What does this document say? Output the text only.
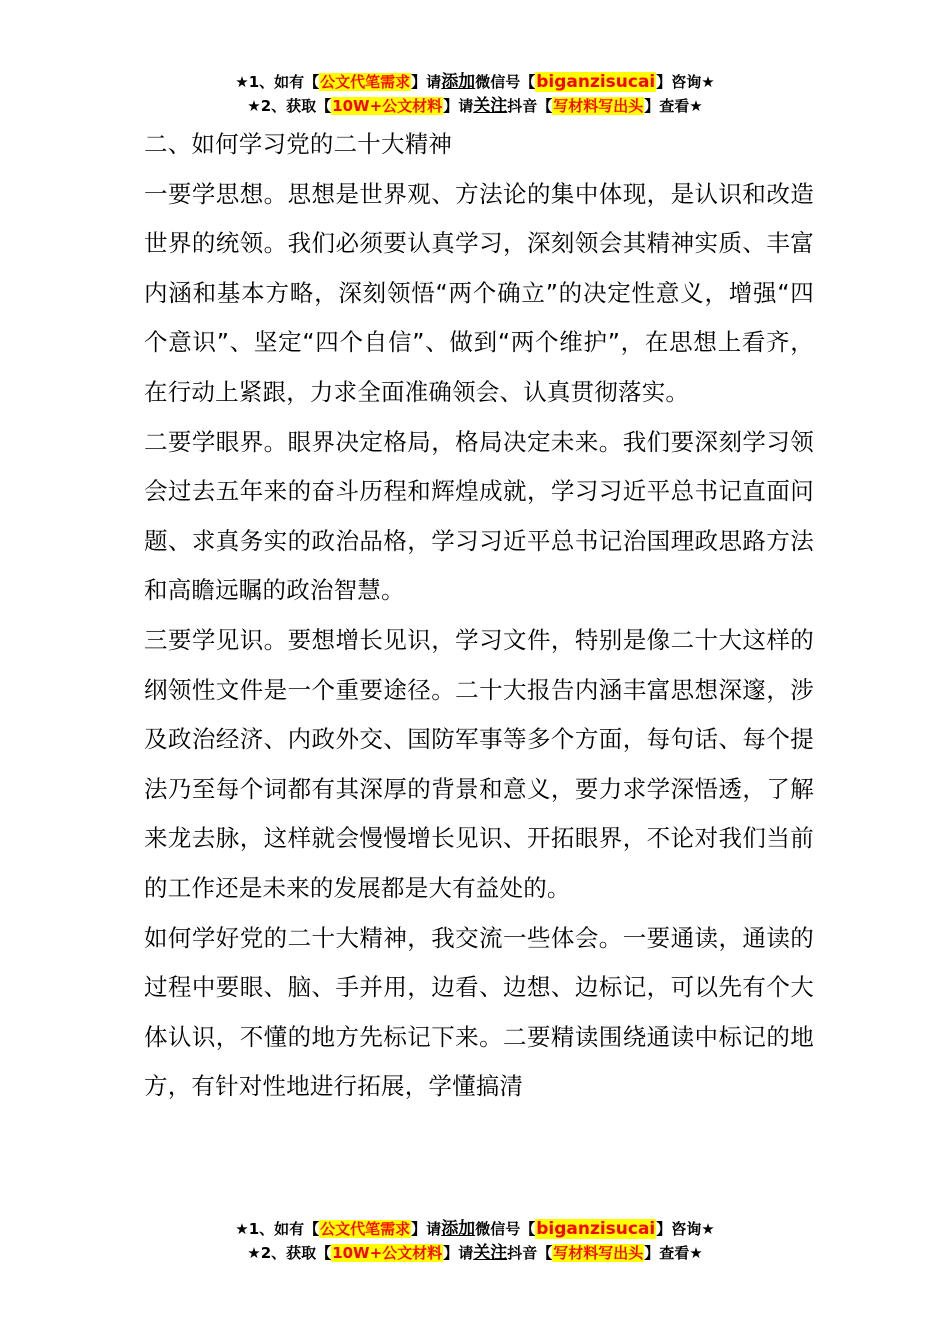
★1、如有【公文代笔需求】请添加微信号【biganzisucai】咨询★
★2、获取【10W+公文材料】请关注抖音【写材料写出头】查看★

二、如何学习党的二十大精神

一要学思想。思想是世界观、方法论的集中体现，是认识和改造世界的统领。我们必须要认真学习，深刻领会其精神实质、丰富内涵和基本方略，深刻领悟“两个确立”的决定性意义，增强“四个意识”、坚定“四个自信”、做到“两个维护”，在思想上看齐，在行动上紧跟，力求全面准确领会、认真贯彻落实。

二要学眼界。眼界决定格局，格局决定未来。我们要深刻学习领会过去五年来的奋斗历程和辉煌成就，学习习近平总书记直面问题、求真务实的政治品格，学习习近平总书记治国理政思路方法和高瞻远瞩的政治智慧。

三要学见识。要想增长见识，学习文件，特别是像二十大这样的纲领性文件是一个重要途径。二十大报告内涵丰富思想深邃，涉及政治经济、内政外交、国防军事等多个方面，每句话、每个提法乃至每个词都有其深厚的背景和意义，要力求学深悟透，了解来龙去脉，这样就会慢慢增长见识、开拓眼界，不论对我们当前的工作还是未来的发展都是大有益处的。

如何学好党的二十大精神，我交流一些体会。一要通读，通读的过程中要眼、脑、手并用，边看、边想、边标记，可以先有个大体认识，不懂的地方先标记下来。二要精读围绕通读中标记的地方，有针对性地进行拓展，学懂搞清

★1、如有【公文代笔需求】请添加微信号【biganzisucai】咨询★
★2、获取【10W+公文材料】请关注抖音【写材料写出头】查看★
